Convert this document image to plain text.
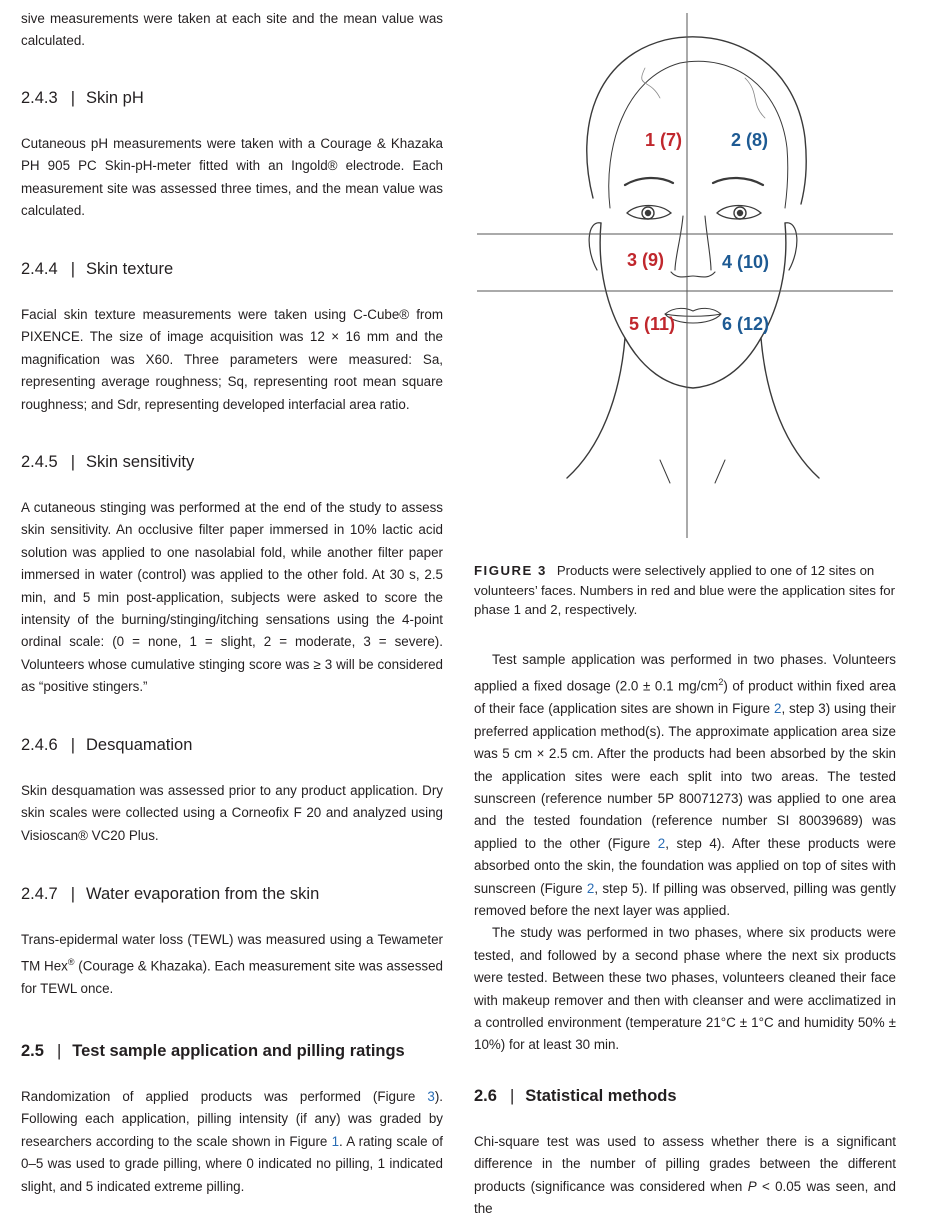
sive measurements were taken at each site and the mean value was calculated.

2.4.3 | Skin pH

Cutaneous pH measurements were taken with a Courage & Khazaka PH 905 PC Skin-pH-meter fitted with an Ingold® electrode. Each measurement site was assessed three times, and the mean value was calculated.

2.4.4 | Skin texture

Facial skin texture measurements were taken using C-Cube® from PIXENCE. The size of image acquisition was 12 × 16 mm and the magnification was X60. Three parameters were measured: Sa, representing average roughness; Sq, representing root mean square roughness; and Sdr, representing developed interfacial area ratio.

2.4.5 | Skin sensitivity

A cutaneous stinging was performed at the end of the study to assess skin sensitivity. An occlusive filter paper immersed in 10% lactic acid solution was applied to one nasolabial fold, while another filter paper immersed in water (control) was applied to the other fold. At 30 s, 2.5 min, and 5 min post-application, subjects were asked to score the intensity of the burning/stinging/itching sensations using the 4-point ordinal scale: (0 = none, 1 = slight, 2 = moderate, 3 = severe). Volunteers whose cumulative stinging score was ≥ 3 will be considered as “positive stingers.”

2.4.6 | Desquamation

Skin desquamation was assessed prior to any product application. Dry skin scales were collected using a Corneofix F 20 and analyzed using Visioscan® VC20 Plus.

2.4.7 | Water evaporation from the skin

Trans-epidermal water loss (TEWL) was measured using a Tewameter TM Hex® (Courage & Khazaka). Each measurement site was assessed for TEWL once.

2.5 | Test sample application and pilling ratings

Randomization of applied products was performed (Figure 3). Following each application, pilling intensity (if any) was graded by researchers according to the scale shown in Figure 1. A rating scale of 0–5 was used to grade pilling, where 0 indicated no pilling, 1 indicated slight, and 5 indicated extreme pilling.

1 (7)	2 (8)
3 (9)	4 (10)
5 (11)	6 (12)
FIGURE 3 Products were selectively applied to one of 12 sites on volunteers’ faces. Numbers in red and blue were the application sites for phase 1 and 2, respectively.

Test sample application was performed in two phases. Volunteers applied a fixed dosage (2.0 ± 0.1 $mg/cm^2$) of product within fixed area of their face (application sites are shown in Figure 2, step 3) using their preferred application method(s). The approximate application area size was 5 cm × 2.5 cm. After the products had been absorbed by the skin the application sites were each split into two areas. The tested sunscreen (reference number 5P 80071273) was applied to one area and the tested foundation (reference number SI 80039689) was applied to the other (Figure 2, step 4). After these products were absorbed onto the skin, the foundation was applied on top of sites with sunscreen (Figure 2, step 5). If pilling was observed, pilling was gently removed before the next layer was applied.

The study was performed in two phases, where six products were tested, and followed by a second phase where the next six products were tested. Between these two phases, volunteers cleaned their face with makeup remover and then with cleanser and were acclimatized in a controlled environment (temperature 21°C ± 1°C and humidity 50% ± 10%) for at least 30 min.

2.6 | Statistical methods

Chi-square test was used to assess whether there is a significant difference in the number of pilling grades between the different products (significance was considered when P < 0.05 was seen, and the
